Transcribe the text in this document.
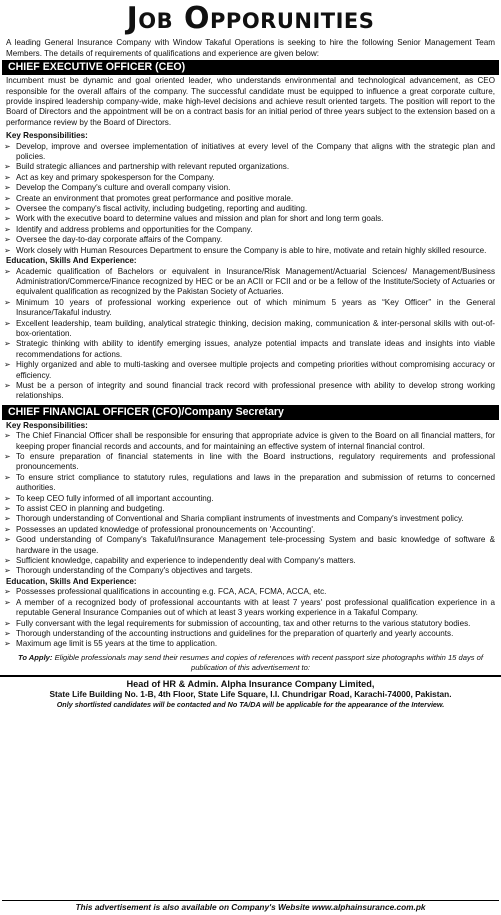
Job Opporunities

A leading General Insurance Company with Window Takaful Operations is seeking to hire the following Senior Management Team Members. The details of requirements of qualifications and experience are given below:

CHIEF EXECUTIVE OFFICER (CEO)

Incumbent must be dynamic and goal oriented leader, who understands environmental and technological advancement, as CEO responsible for the overall affairs of the company. The successful candidate must be equipped to influence a great corporate culture, provide inspired leadership company-wide, make high-level decisions and achieve result oriented targets. The position will report to the Board of Directors and the appointment will be on a contract basis for an initial period of three years subject to the extension based on a performance review by the Board of Directors.

Key Responsibilities:

➢ Develop, improve and oversee implementation of initiatives at every level of the Company that aligns with the strategic plan and policies.
➢ Build strategic alliances and partnership with relevant reputed organizations.
➢ Act as key and primary spokesperson for the Company.
➢ Develop the Company's culture and overall company vision.
➢ Create an environment that promotes great performance and positive morale.
➢ Oversee the company's fiscal activity, including budgeting, reporting and auditing.
➢ Work with the executive board to determine values and mission and plan for short and long term goals.
➢ Identify and address problems and opportunities for the Company.
➢ Oversee the day-to-day corporate affairs of the Company.
➢ Work closely with Human Resources Department to ensure the Company is able to hire, motivate and retain highly skilled resource.

Education, Skills And Experience:

➢ Academic qualification of Bachelors or equivalent in Insurance/Risk Management/Actuarial Sciences/ Management/Business Administration/Commerce/Finance recognized by HEC or be an ACII or FCII and or be a fellow of the Institute/Society of Actuaries or equivalent qualification as recognized by the Pakistan Society of Actuaries.
➢ Minimum 10 years of professional working experience out of which minimum 5 years as “Key Officer” in the General Insurance/Takaful industry.
➢ Excellent leadership, team building, analytical strategic thinking, decision making, communication & inter-personal skills with out-of-box-orientation.
➢ Strategic thinking with ability to identify emerging issues, analyze potential impacts and translate ideas and insights into viable recommendations for actions.
➢ Highly organized and able to multi-tasking and oversee multiple projects and competing priorities without compromising accuracy or efficiency.
➢ Must be a person of integrity and sound financial track record with professional presence with ability to develop strong working relationships.
CHIEF FINANCIAL OFFICER (CFO)/Company Secretary

Key Responsibilities:

➢ The Chief Financial Officer shall be responsible for ensuring that appropriate advice is given to the Board on all financial matters, for keeping proper financial records and accounts, and for maintaining an effective system of internal financial control.
➢ To ensure preparation of financial statements in line with the Board instructions, regulatory requirements and professional pronouncements.
➢ To ensure strict compliance to statutory rules, regulations and laws in the preparation and submission of returns to concerned authorities.
➢ To keep CEO fully informed of all important accounting.
➢ To assist CEO in planning and budgeting.
➢ Thorough understanding of Conventional and Sharia compliant instruments of investments and Company's investment policy.
➢ Possesses an updated knowledge of professional pronouncements on 'Accounting'.
➢ Good understanding of Company's Takaful/Insurance Management tele-processing System and basic knowledge of software & hardware in the usage.
➢ Sufficient knowledge, capability and experience to independently deal with Company's matters.
➢ Thorough understanding of the Company's objectives and targets.

Education, Skills And Experience:

➢ Possesses professional qualifications in accounting e.g. FCA, ACA, FCMA, ACCA, etc.
➢ A member of a recognized body of professional accountants with at least 7 years' post professional qualification experience in a reputable General Insurance Companies out of which at least 3 years working experience in a Takaful Company.
➢ Fully conversant with the legal requirements for submission of accounting, tax and other returns to the various statutory bodies.
➢ Thorough understanding of the accounting instructions and guidelines for the preparation of quarterly and yearly accounts.
➢ Maximum age limit is 55 years at the time to application.

To Apply: Eligible professionals may send their resumes and copies of references with recent passport size photographs within 15 days of publication of this advertisement to:

Head of HR & Admin. Alpha Insurance Company Limited,

State Life Building No. 1-B, 4th Floor, State Life Square, I.I. Chundrigar Road, Karachi-74000, Pakistan.

Only shortlisted candidates will be contacted and No TA/DA will be applicable for the appearance of the Interview.

This advertisement is also available on Company's Website www.alphainsurance.com.pk
